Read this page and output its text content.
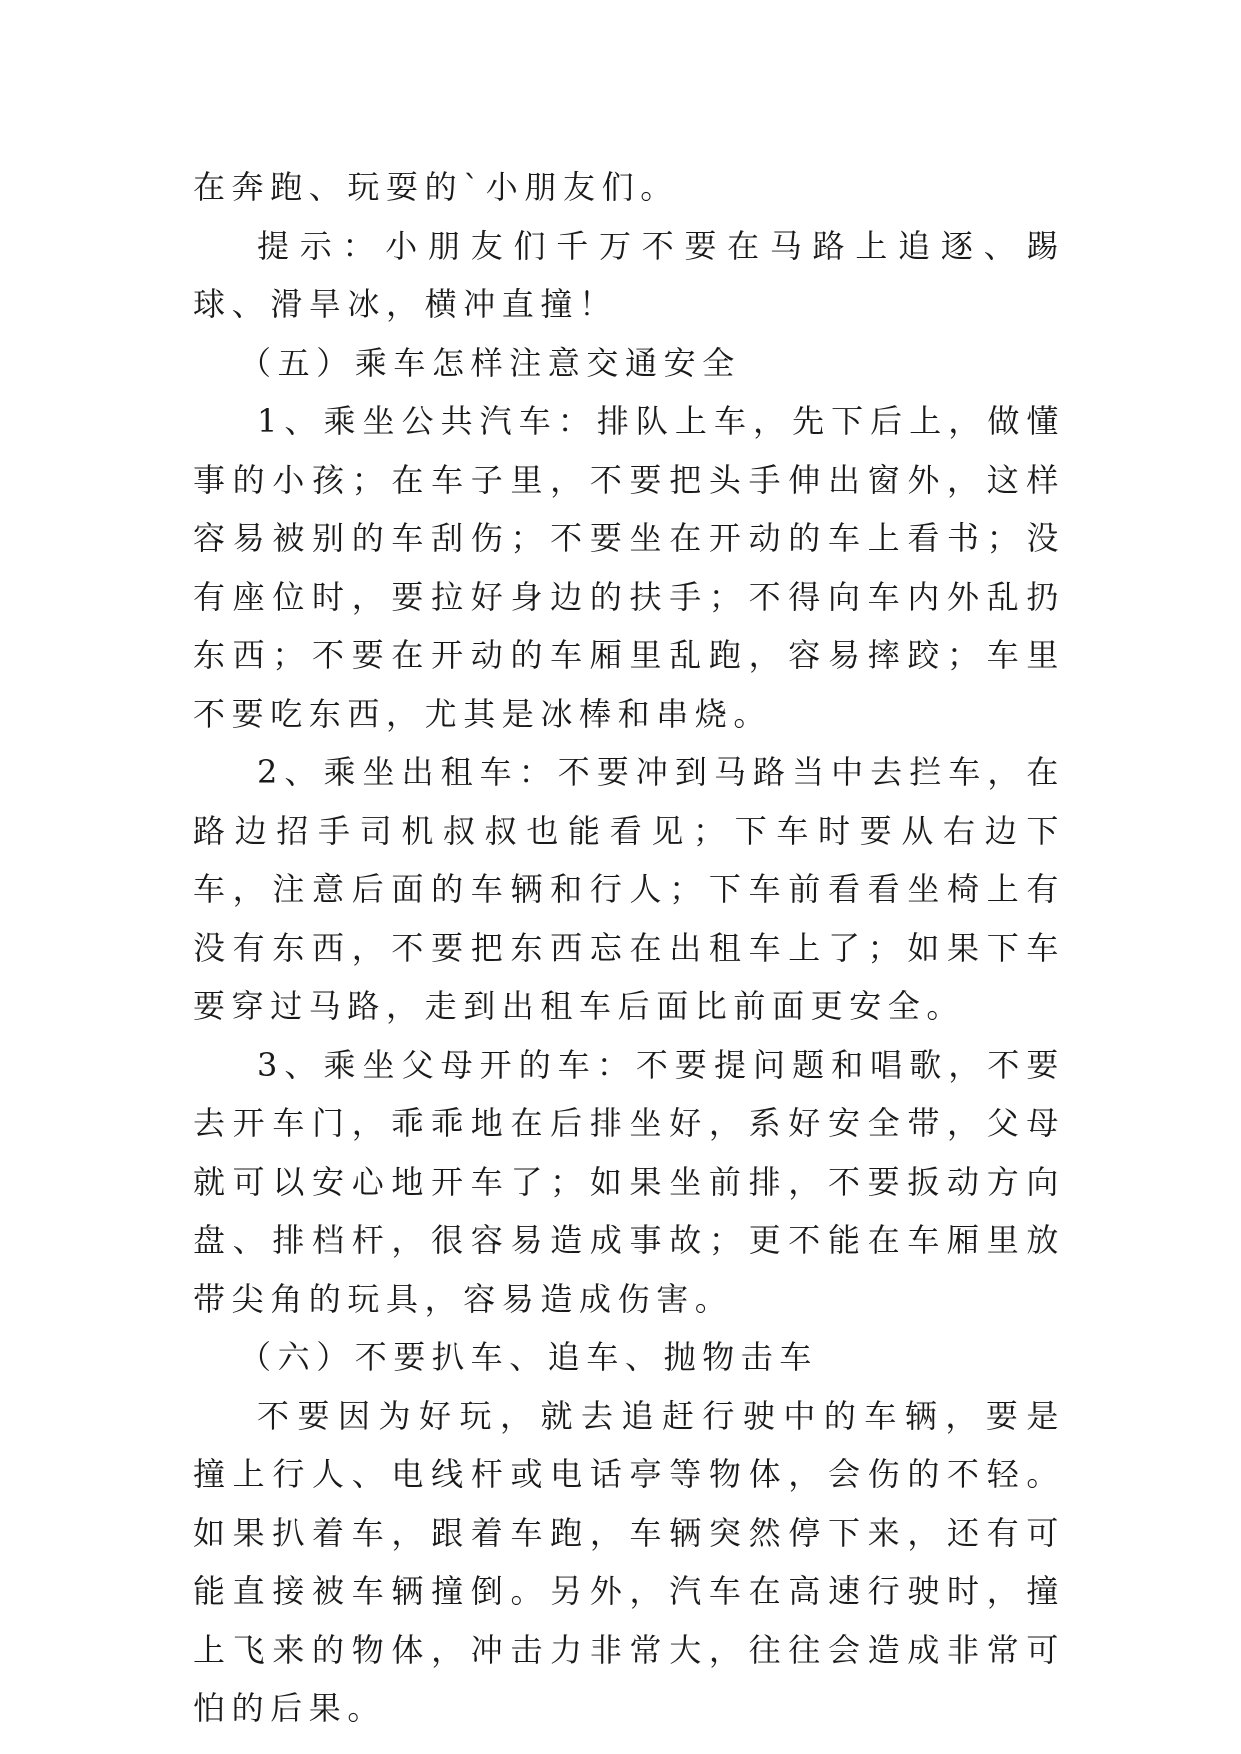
在奔跑、玩耍的`小朋友们。

提示：小朋友们千万不要在马路上追逐、踢球、滑旱冰，横冲直撞！

（五）乘车怎样注意交通安全

1、乘坐公共汽车：排队上车，先下后上，做懂事的小孩；在车子里，不要把头手伸出窗外，这样容易被别的车刮伤；不要坐在开动的车上看书；没有座位时，要拉好身边的扶手；不得向车内外乱扔东西；不要在开动的车厢里乱跑，容易摔跤；车里不要吃东西，尤其是冰棒和串烧。

2、乘坐出租车：不要冲到马路当中去拦车，在路边招手司机叔叔也能看见；下车时要从右边下车，注意后面的车辆和行人；下车前看看坐椅上有没有东西，不要把东西忘在出租车上了；如果下车要穿过马路，走到出租车后面比前面更安全。

3、乘坐父母开的车：不要提问题和唱歌，不要去开车门，乖乖地在后排坐好，系好安全带，父母就可以安心地开车了；如果坐前排，不要扳动方向盘、排档杆，很容易造成事故；更不能在车厢里放带尖角的玩具，容易造成伤害。

（六）不要扒车、追车、抛物击车

不要因为好玩，就去追赶行驶中的车辆，要是撞上行人、电线杆或电话亭等物体，会伤的不轻。如果扒着车，跟着车跑，车辆突然停下来，还有可能直接被车辆撞倒。另外，汽车在高速行驶时，撞上飞来的物体，冲击力非常大，往往会造成非常可怕的后果。
